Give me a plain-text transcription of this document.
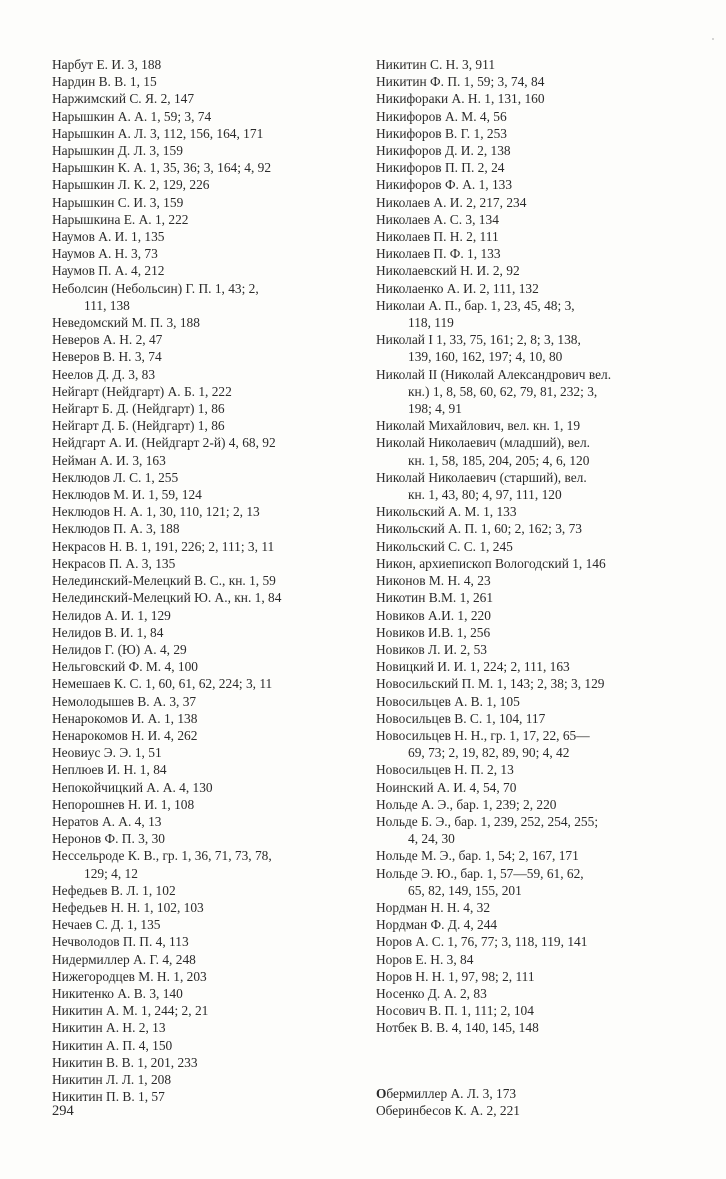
Нарбут Е. И. 3, 188
Нардин В. В. 1, 15
Наржимский С. Я. 2, 147
Нарышкин А. А. 1, 59; 3, 74
Нарышкин А. Л. 3, 112, 156, 164, 171
Нарышкин Д. Л. 3, 159
Нарышкин К. А. 1, 35, 36; 3, 164; 4, 92
Нарышкин Л. К. 2, 129, 226
Нарышкин С. И. 3, 159
Нарышкина Е. А. 1, 222
Наумов А. И. 1, 135
Наумов А. Н. 3, 73
Наумов П. А. 4, 212
Неболсин (Небольсин) Г. П. 1, 43; 2,
111, 138
Неведомский М. П. 3, 188
Неверов А. Н. 2, 47
Неверов В. Н. 3, 74
Неелов Д. Д. 3, 83
Нейгарт (Нейдгарт) А. Б. 1, 222
Нейгарт Б. Д. (Нейдгарт) 1, 86
Нейгарт Д. Б. (Нейдгарт) 1, 86
Нейдгарт А. И. (Нейдгарт 2-й) 4, 68, 92
Нейман А. И. 3, 163
Неклюдов Л. С. 1, 255
Неклюдов М. И. 1, 59, 124
Неклюдов Н. А. 1, 30, 110, 121; 2, 13
Неклюдов П. А. 3, 188
Некрасов Н. В. 1, 191, 226; 2, 111; 3, 11
Некрасов П. А. 3, 135
Нелединский-Мелецкий В. С., кн. 1, 59
Нелединский-Мелецкий Ю. А., кн. 1, 84
Нелидов А. И. 1, 129
Нелидов В. И. 1, 84
Нелидов Г. (Ю) А. 4, 29
Нельговский Ф. М. 4, 100
Немешаев К. С. 1, 60, 61, 62, 224; 3, 11
Немолодышев В. А. 3, 37
Ненарокомов И. А. 1, 138
Ненарокомов Н. И. 4, 262
Неовиус Э. Э. 1, 51
Неплюев И. Н. 1, 84
Непокойчицкий А. А. 4, 130
Непорошнев Н. И. 1, 108
Нератов А. А. 4, 13
Неронов Ф. П. 3, 30
Нессельроде К. В., гр. 1, 36, 71, 73, 78,
129; 4, 12
Нефедьев В. Л. 1, 102
Нефедьев Н. Н. 1, 102, 103
Нечаев С. Д. 1, 135
Нечволодов П. П. 4, 113
Нидермиллер А. Г. 4, 248
Нижегородцев М. Н. 1, 203
Никитенко А. В. 3, 140
Никитин А. М. 1, 244; 2, 21
Никитин А. Н. 2, 13
Никитин А. П. 4, 150
Никитин В. В. 1, 201, 233
Никитин Л. Л. 1, 208
Никитин П. В. 1, 57
Никитин С. Н. 3, 911
Никитин Ф. П. 1, 59; 3, 74, 84
Никифораки А. Н. 1, 131, 160
Никифоров А. М. 4, 56
Никифоров В. Г. 1, 253
Никифоров Д. И. 2, 138
Никифоров П. П. 2, 24
Никифоров Ф. А. 1, 133
Николаев А. И. 2, 217, 234
Николаев А. С. 3, 134
Николаев П. Н. 2, 111
Николаев П. Ф. 1, 133
Николаевский Н. И. 2, 92
Николаенко А. И. 2, 111, 132
Николаи А. П., бар. 1, 23, 45, 48; 3,
118, 119
Николай I 1, 33, 75, 161; 2, 8; 3, 138,
139, 160, 162, 197; 4, 10, 80
Николай II (Николай Александрович вел.
кн.) 1, 8, 58, 60, 62, 79, 81, 232; 3,
198; 4, 91
Николай Михайлович, вел. кн. 1, 19
Николай Николаевич (младший), вел.
кн. 1, 58, 185, 204, 205; 4, 6, 120
Николай Николаевич (старший), вел.
кн. 1, 43, 80; 4, 97, 111, 120
Никольский А. М. 1, 133
Никольский А. П. 1, 60; 2, 162; 3, 73
Никольский С. С. 1, 245
Никон, архиепископ Вологодский 1, 146
Никонов М. Н. 4, 23
Никотин В.М. 1, 261
Новиков А.И. 1, 220
Новиков И.В. 1, 256
Новиков Л. И. 2, 53
Новицкий И. И. 1, 224; 2, 111, 163
Новосильский П. М. 1, 143; 2, 38; 3, 129
Новосильцев А. В. 1, 105
Новосильцев В. С. 1, 104, 117
Новосильцев Н. Н., гр. 1, 17, 22, 65—
69, 73; 2, 19, 82, 89, 90; 4, 42
Новосильцев Н. П. 2, 13
Ноинский А. И. 4, 54, 70
Нольде А. Э., бар. 1, 239; 2, 220
Нольде Б. Э., бар. 1, 239, 252, 254, 255;
4, 24, 30
Нольде М. Э., бар. 1, 54; 2, 167, 171
Нольде Э. Ю., бар. 1, 57—59, 61, 62,
65, 82, 149, 155, 201
Нордман Н. Н. 4, 32
Нордман Ф. Д. 4, 244
Норов А. С. 1, 76, 77; 3, 118, 119, 141
Норов Е. Н. 3, 84
Норов Н. Н. 1, 97, 98; 2, 111
Носенко Д. А. 2, 83
Носович В. П. 1, 111; 2, 104
Нотбек В. В. 4, 140, 145, 148
Обермиллер А. Л. 3, 173
Оберинбесов К. А. 2, 221
294
